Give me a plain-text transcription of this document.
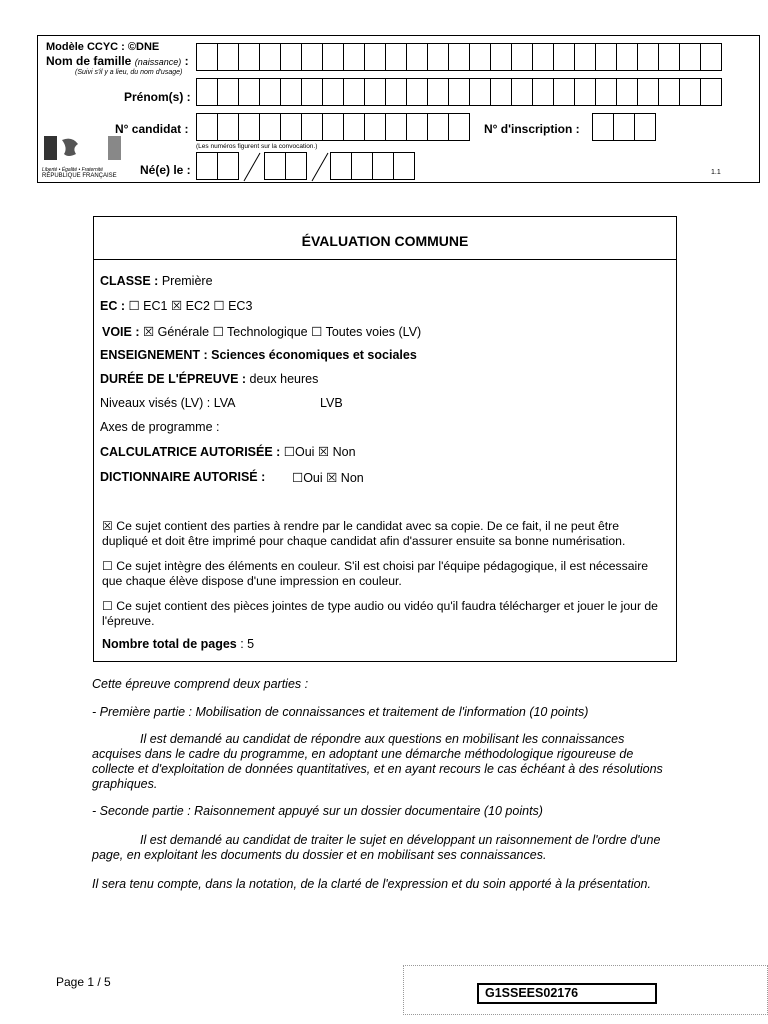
Modèle CCYC : ©DNE
Nom de famille (naissance) :
(Suivi s'il y a lieu, du nom d'usage)
Prénom(s) :
N° candidat :
(Les numéros figurent sur la convocation.)
N° d'inscription :
Liberté • Égalité • Fraternité
RÉPUBLIQUE FRANÇAISE	Né(e) le :	1.1
ÉVALUATION COMMUNE
CLASSE : Première
EC : ☐ EC1 ☒ EC2 ☐ EC3
VOIE : ☒ Générale ☐ Technologique ☐ Toutes voies (LV)
ENSEIGNEMENT : Sciences économiques et sociales
DURÉE DE L'ÉPREUVE : deux heures
Niveaux visés (LV) : LVA	LVB
Axes de programme :
CALCULATRICE AUTORISÉE : ☐Oui ☒ Non
DICTIONNAIRE AUTORISÉ : ☐Oui ☒ Non
☒ Ce sujet contient des parties à rendre par le candidat avec sa copie. De ce fait, il ne peut être dupliqué et doit être imprimé pour chaque candidat afin d'assurer ensuite sa bonne numérisation.
☐ Ce sujet intègre des éléments en couleur. S'il est choisi par l'équipe pédagogique, il est nécessaire que chaque élève dispose d'une impression en couleur.
☐ Ce sujet contient des pièces jointes de type audio ou vidéo qu'il faudra télécharger et jouer le jour de l'épreuve.
Nombre total de pages : 5
Cette épreuve comprend deux parties :
- Première partie : Mobilisation de connaissances et traitement de l'information (10 points)
Il est demandé au candidat de répondre aux questions en mobilisant les connaissances acquises dans le cadre du programme, en adoptant une démarche méthodologique rigoureuse de collecte et d'exploitation de données quantitatives, et en ayant recours le cas échéant à des résolutions graphiques.
- Seconde partie : Raisonnement appuyé sur un dossier documentaire (10 points)
Il est demandé au candidat de traiter le sujet en développant un raisonnement de l'ordre d'une page, en exploitant les documents du dossier et en mobilisant ses connaissances.
Il sera tenu compte, dans la notation, de la clarté de l'expression et du soin apporté à la présentation.
Page 1 / 5
G1SSEES02176
